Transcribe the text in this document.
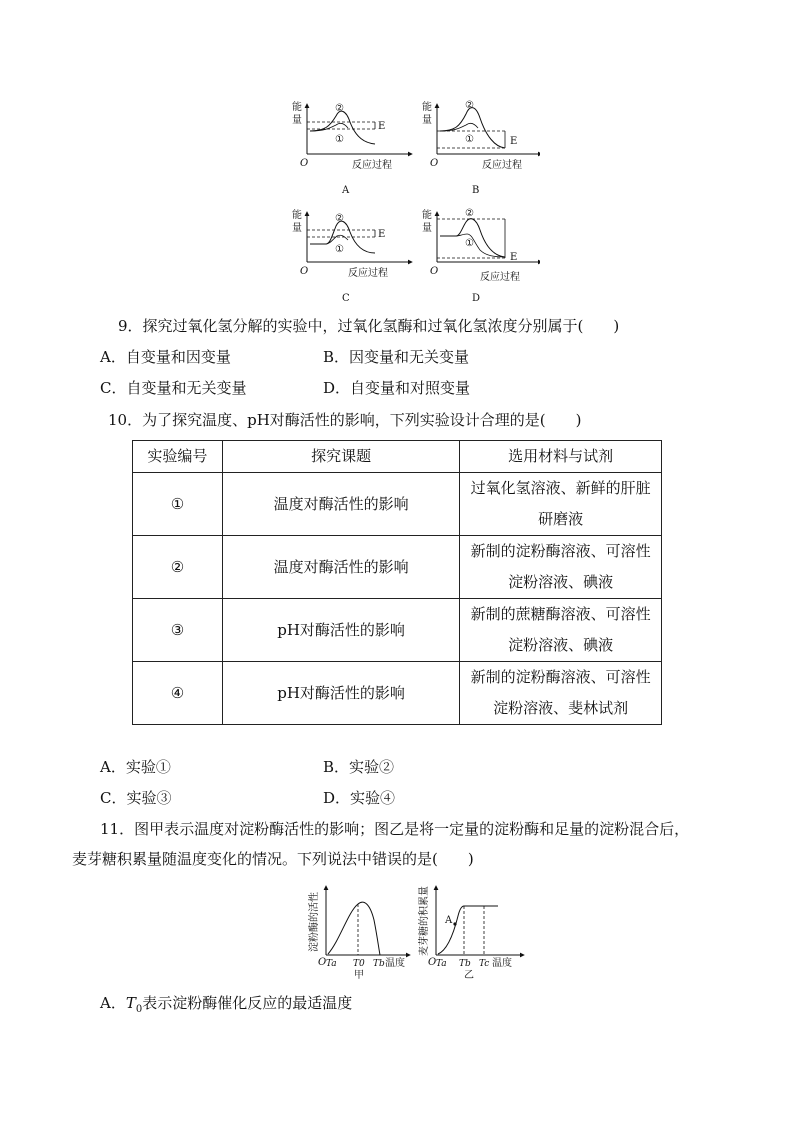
能
量
O	反应过程
②
①
E
A
能
量
O	反应过程
②
①	E
B
能
量
O	反应过程
②
①
E
C
能
量
O
反应过程
②
①
E
D
9．探究过氧化氢分解的实验中，过氧化氢酶和过氧化氢浓度分别属于(　　)
A．自变量和因变量	B．因变量和无关变量
C．自变量和无关变量	D．自变量和对照变量
10．为了探究温度、pH对酶活性的影响，下列实验设计合理的是(　　)
实验编号	探究课题	选用材料与试剂
①	温度对酶活性的影响	过氧化氢溶液、新鲜的肝脏
研磨液
②	温度对酶活性的影响	新制的淀粉酶溶液、可溶性
淀粉溶液、碘液
③	pH对酶活性的影响	新制的蔗糖酶溶液、可溶性
淀粉溶液、碘液
④	pH对酶活性的影响	新制的淀粉酶溶液、可溶性
淀粉溶液、斐林试剂
A．实验①	B．实验②
C．实验③	D．实验④
11．图甲表示温度对淀粉酶活性的影响；图乙是将一定量的淀粉酶和足量的淀粉混合后，
麦芽糖积累量随温度变化的情况。下列说法中错误的是(　　)
淀粉酶的活性
O Ta T0 Tb 温度
甲
麦芽糖的积累量 A
O Ta Tb Tc 温度
乙
A．$T_0$表示淀粉酶催化反应的最适温度
